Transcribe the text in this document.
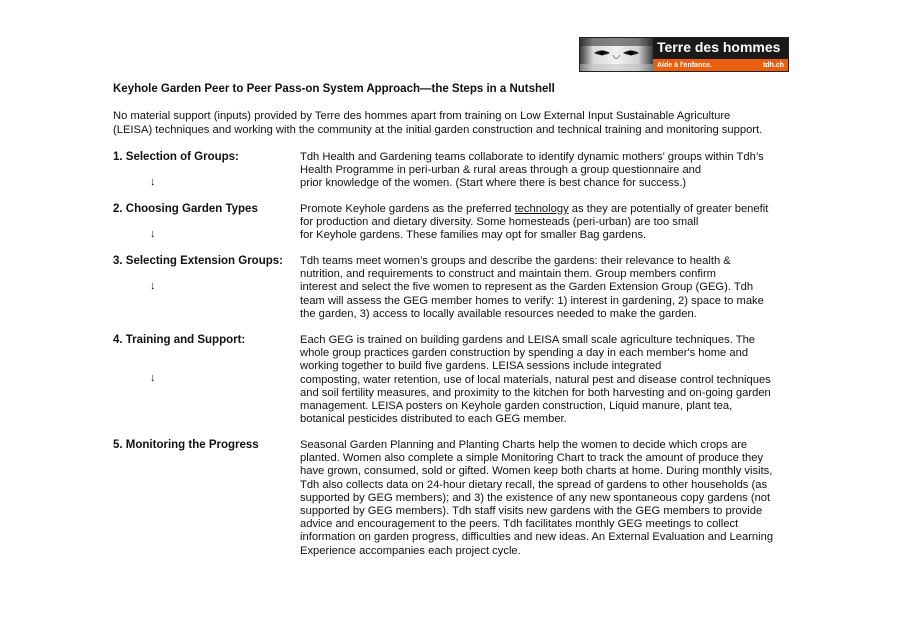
Terre des hommes
Aide à l'enfance.	tdh.ch
Keyhole Garden Peer to Peer Pass-on System Approach—the Steps in a Nutshell

No material support (inputs) provided by Terre des hommes apart from training on Low External Input Sustainable Agriculture

(LEISA) techniques and working with the community at the initial garden construction and technical training and monitoring support.

1. Selection of Groups:
↓

Tdh Health and Gardening teams collaborate to identify dynamic mothers’ groups within Tdh’s

Health Programme in peri-urban & rural areas through a group questionnaire and

prior knowledge of the women. (Start where there is best chance for success.)

2. Choosing Garden Types
↓

Promote Keyhole gardens as the preferred technology as they are potentially of greater benefit

for production and dietary diversity. Some homesteads (peri-urban) are too small

for Keyhole gardens. These families may opt for smaller Bag gardens.

3. Selecting Extension Groups:
↓

Tdh teams meet women’s groups and describe the gardens: their relevance to health &

nutrition, and requirements to construct and maintain them. Group members confirm

interest and select the five women to represent as the Garden Extension Group (GEG). Tdh

team will assess the GEG member homes to verify: 1) interest in gardening, 2) space to make

the garden, 3) access to locally available resources needed to make the garden.

4. Training and Support:
↓

Each GEG is trained on building gardens and LEISA small scale agriculture techniques. The

whole group practices garden construction by spending a day in each member's home and

working together to build five gardens. LEISA sessions include integrated

composting, water retention, use of local materials, natural pest and disease control techniques

and soil fertility measures, and proximity to the kitchen for both harvesting and on-going garden

management. LEISA posters on Keyhole garden construction, Liquid manure, plant tea,

botanical pesticides distributed to each GEG member.

5. Monitoring the Progress	Seasonal Garden Planning and Planting Charts help the women to decide which crops are

planted. Women also complete a simple Monitoring Chart to track the amount of produce they

have grown, consumed, sold or gifted. Women keep both charts at home. During monthly visits,

Tdh also collects data on 24-hour dietary recall, the spread of gardens to other households (as

supported by GEG members); and 3) the existence of any new spontaneous copy gardens (not

supported by GEG members). Tdh staff visits new gardens with the GEG members to provide

advice and encouragement to the peers. Tdh facilitates monthly GEG meetings to collect

information on garden progress, difficulties and new ideas. An External Evaluation and Learning

Experience accompanies each project cycle.
